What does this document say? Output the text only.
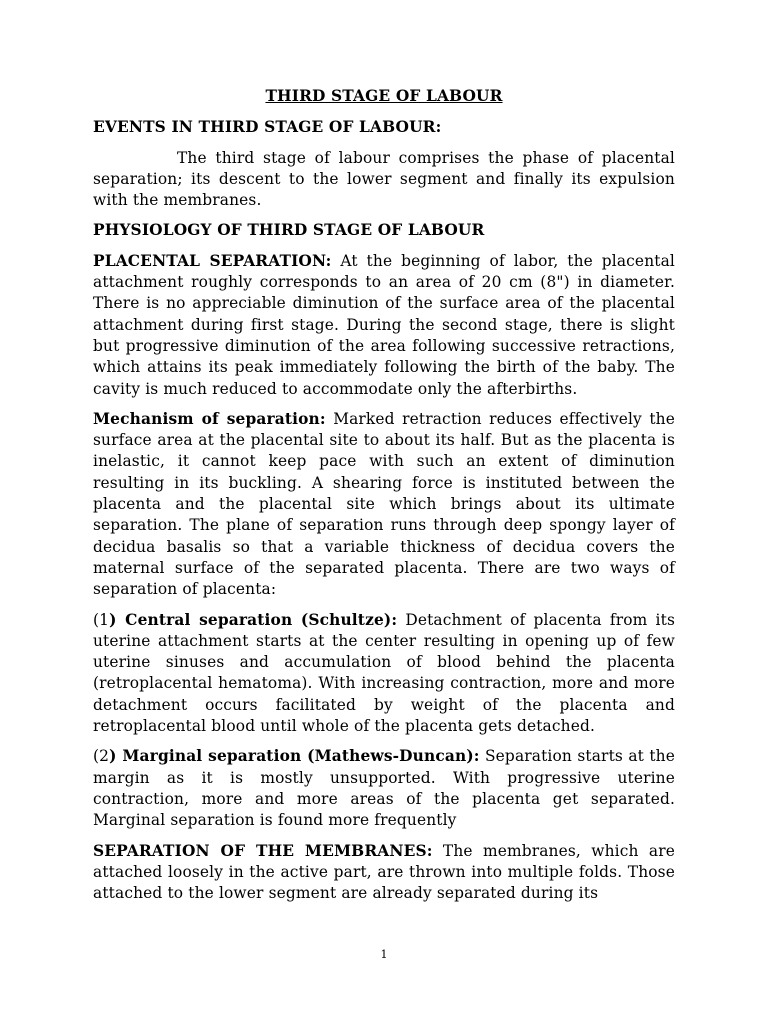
THIRD STAGE OF LABOUR
EVENTS IN THIRD STAGE OF LABOUR:

The third stage of labour comprises the phase of placental separation; its descent to the lower segment and finally its expulsion with the membranes.

PHYSIOLOGY OF THIRD STAGE OF LABOUR

PLACENTAL SEPARATION: At the beginning of labor, the placental attachment roughly corresponds to an area of 20 cm (8") in diameter. There is no appreciable diminution of the surface area of the placental attachment during first stage. During the second stage, there is slight but progressive diminution of the area following successive retractions, which attains its peak immediately following the birth of the baby. The cavity is much reduced to accommodate only the afterbirths.

Mechanism of separation: Marked retraction reduces effectively the surface area at the placental site to about its half. But as the placenta is inelastic, it cannot keep pace with such an extent of diminution resulting in its buckling. A shearing force is instituted between the placenta and the placental site which brings about its ultimate separation. The plane of separation runs through deep spongy layer of decidua basalis so that a variable thickness of decidua covers the maternal surface of the separated placenta. There are two ways of separation of placenta:

(1) Central separation (Schultze): Detachment of placenta from its uterine attachment starts at the center resulting in opening up of few uterine sinuses and accumulation of blood behind the placenta (retroplacental hematoma). With increasing contraction, more and more detachment occurs facilitated by weight of the placenta and retroplacental blood until whole of the placenta gets detached.

(2) Marginal separation (Mathews-Duncan): Separation starts at the margin as it is mostly unsupported. With progressive uterine contraction, more and more areas of the placenta get separated. Marginal separation is found more frequently

SEPARATION OF THE MEMBRANES: The membranes, which are attached loosely in the active part, are thrown into multiple folds. Those attached to the lower segment are already separated during its

1
